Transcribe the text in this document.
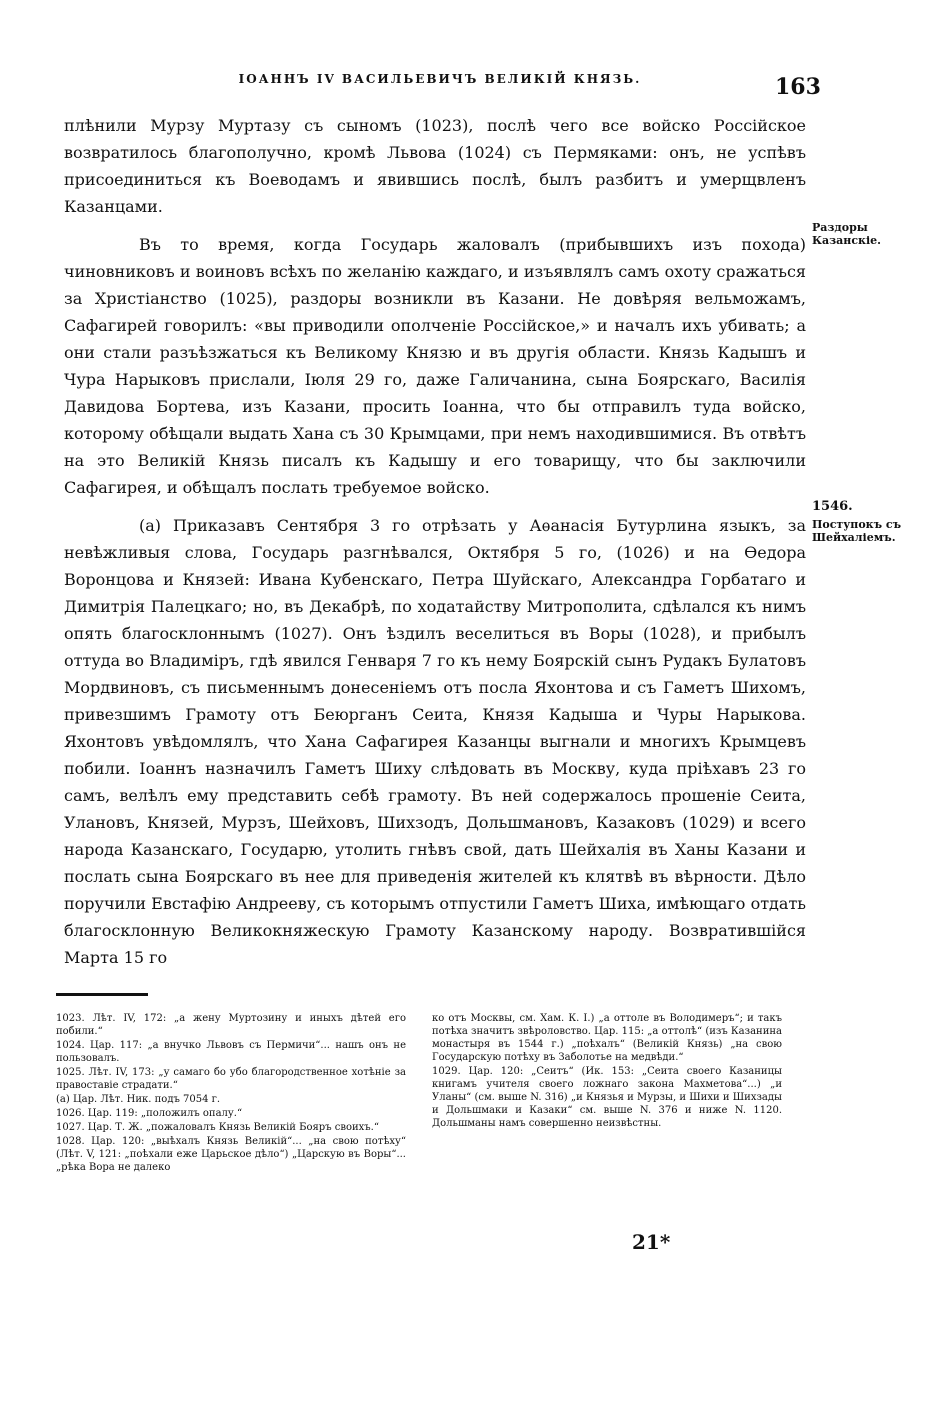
ІОАННЪ IV ВАСИЛЬЕВИЧЪ ВЕЛИКІЙ КНЯЗЬ.	163

плѣнили Мурзу Муртазу съ сыномъ (1023), послѣ чего все войско Россійское возвратилось благополучно, кромѣ Львова (1024) съ Пермяками: онъ, не успѣвъ присоединиться къ Воеводамъ и явившись послѣ, былъ разбитъ и умерщвленъ Казанцами.

Въ то время, когда Государь жаловалъ (прибывшихъ изъ похода) чиновниковъ и воиновъ всѣхъ по желанію каждаго, и изъявлялъ самъ охоту сражаться за Христіанство (1025), раздоры возникли въ Казани. Не довѣряя вельможамъ, Сафагирей говорилъ: «вы приводили ополченіе Россійское,» и началъ ихъ убивать; а они стали разъѣзжаться къ Великому Князю и въ другія области. Князь Кадышъ и Чура Нарыковъ прислали, Іюля 29 го, даже Галичанина, сына Боярскаго, Василія Давидова Бортева, изъ Казани, просить Іоанна, что бы отправилъ туда войско, которому обѣщали выдать Хана съ 30 Крымцами, при немъ находившимися. Въ отвѣтъ на это Великій Князь писалъ къ Кадышу и его товарищу, что бы заключили Сафагирея, и обѣщалъ послать требуемое войско.

(а) Приказавъ Сентября 3 го отрѣзать у Аѳанасія Бутурлина языкъ, за невѣжливыя слова, Государь разгнѣвался, Октября 5 го, (1026) и на Ѳедора Воронцова и Князей: Ивана Кубенскаго, Петра Шуйскаго, Александра Горбатаго и Димитрія Палецкаго; но, въ Декабрѣ, по ходатайству Митрополита, сдѣлался къ нимъ опять благосклоннымъ (1027). Онъ ѣздилъ веселиться въ Воры (1028), и прибылъ оттуда во Владиміръ, гдѣ явился Генваря 7 го къ нему Боярскій сынъ Рудакъ Булатовъ Мордвиновъ, съ письменнымъ донесеніемъ отъ посла Яхонтова и съ Гаметъ Шихомъ, привезшимъ Грамоту отъ Беюрганъ Сеита, Князя Кадыша и Чуры Нарыкова. Яхонтовъ увѣдомлялъ, что Хана Сафагирея Казанцы выгнали и многихъ Крымцевъ побили. Іоаннъ назначилъ Гаметъ Шиху слѣдовать въ Москву, куда пріѣхавъ 23 го самъ, велѣлъ ему представить себѣ грамоту. Въ ней содержалось прошеніе Сеита, Улановъ, Князей, Мурзъ, Шейховъ, Шихзодъ, Дольшмановъ, Казаковъ (1029) и всего народа Казанскаго, Государю, утолить гнѣвъ свой, дать Шейхалія въ Ханы Казани и послать сына Боярскаго въ нее для приведенія жителей къ клятвѣ въ вѣрности. Дѣло поручили Евстафію Андрееву, съ которымъ отпустили Гаметъ Шиха, имѣющаго отдать благосклонную Великокняжескую Грамоту Казанскому народу. Возвратившійся Марта 15 го

Раздоры Казанскіе.
1546.
Поступокъ съ Шейхаліемъ.
1023. Лѣт. IV, 172: „а жену Муртозину и иныхъ дѣтей его побили.“
1024. Цар. 117: „а внучко Львовъ съ Пермичи“... нашъ онъ не пользовалъ.
1025. Лѣт. IV, 173: „у самаго бо убо благородственное хотѣніе за правоставіе страдати.“
(а) Цар. Лѣт. Ник. подъ 7054 г.
1026. Цар. 119: „положилъ опалу.“
1027. Цар. Т. Ж. „пожаловалъ Князь Великій Бояръ своихъ.“
1028. Цар. 120: „выѣхалъ Князь Великій“... „на свою потѣху“ (Лѣт. V, 121: „поѣхали еже Царьское дѣло“) „Царскую въ Воры“... „рѣка Вора не далеко
ко отъ Москвы, см. Хам. К. I.) „а оттоле въ Володимеръ“; и такъ потѣха значитъ звѣроловство. Цар. 115: „а оттолѣ“ (изъ Казанина монастыря въ 1544 г.) „поѣхалъ“ (Великій Князь) „на свою Государскую потѣху въ Заболотье на медвѣди.“
1029. Цар. 120: „Сеитъ“ (Ик. 153: „Сеита своего Казаницы книгамъ учителя своего ложнаго закона Махметова“...) „и Уланы“ (см. выше N. 316) „и Князья и Мурзы, и Шихи и Шихзады и Дольшмаки и Казаки“ см. выше N. 376 и ниже N. 1120. Дольшманы намъ совершенно неизвѣстны.
21*
